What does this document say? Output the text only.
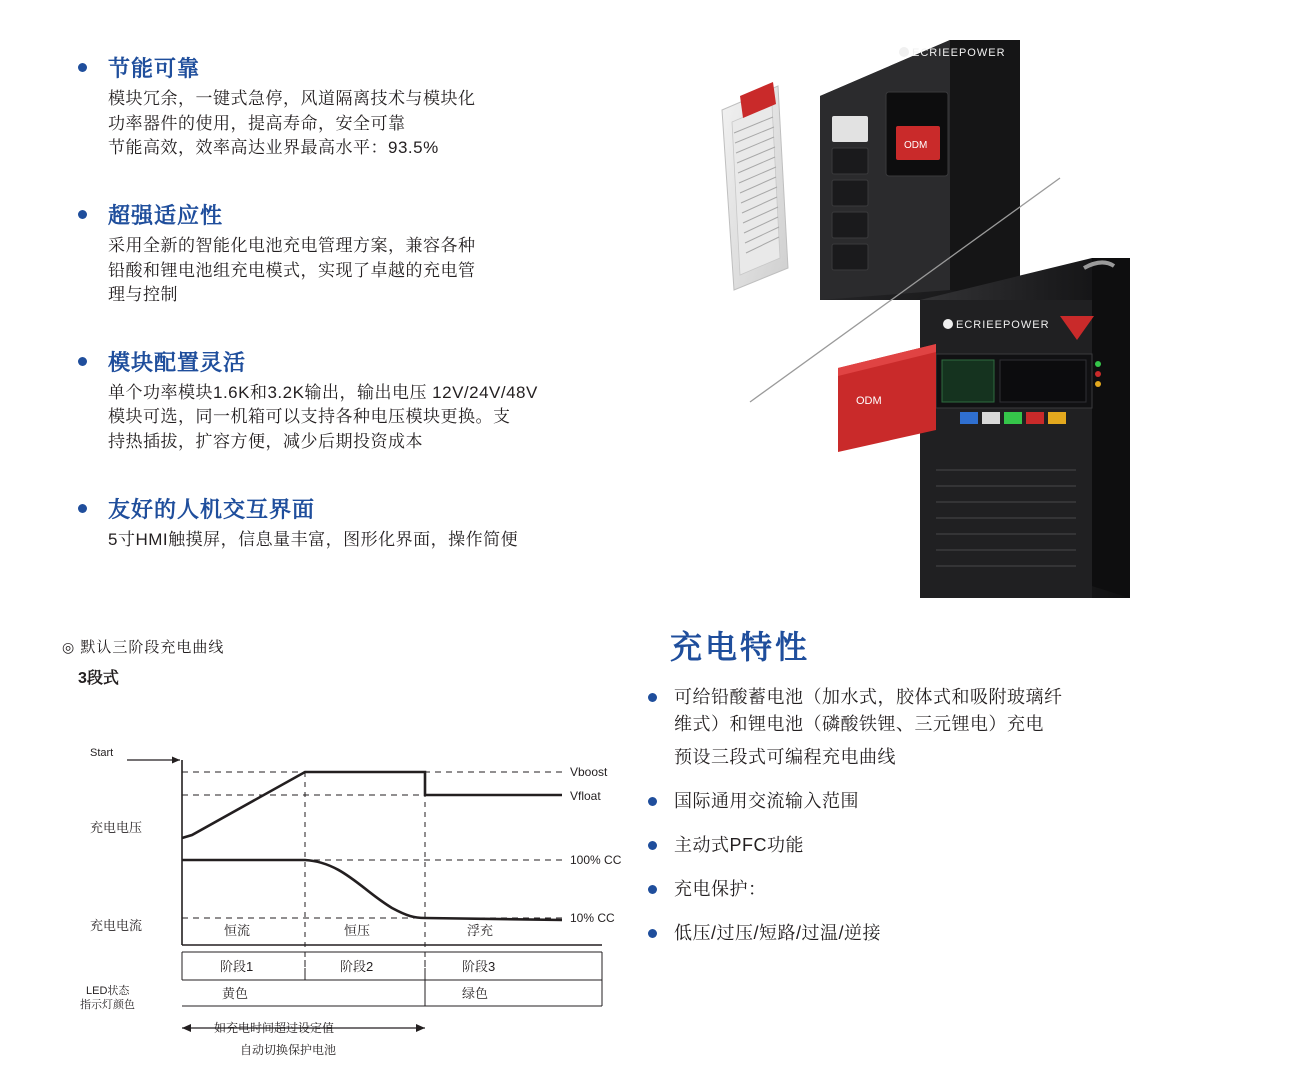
节能可靠

模块冗余，一键式急停，风道隔离技术与模块化

功率器件的使用，提高寿命，安全可靠

节能高效，效率高达业界最高水平：93.5%

超强适应性

采用全新的智能化电池充电管理方案，兼容各种

铅酸和锂电池组充电模式，实现了卓越的充电管

理与控制

模块配置灵活

单个功率模块1.6K和3.2K输出，输出电压 12V/24V/48V

模块可选，同一机箱可以支持各种电压模块更换。支

持热插拔，扩容方便，减少后期投资成本

友好的人机交互界面

5寸HMI触摸屏，信息量丰富，图形化界面，操作简便

◎ 默认三阶段充电曲线
3段式
Start
Vboost
Vfloat
100% CC
10% CC
充电电压
充电电流	恒流	恒压	浮充
阶段1	阶段2	阶段3
LED状态
指示灯颜色
黄色	绿色
如充电时间超过设定值
自动切换保护电池
ODM
ECRIEEPOWER
ECRIEEPOWER
ODM
充电特性
可给铅酸蓄电池（加水式，胶体式和吸附玻璃纤
维式）和锂电池（磷酸铁锂、三元锂电）充电
预设三段式可编程充电曲线
国际通用交流输入范围
主动式PFC功能
充电保护：
低压/过压/短路/过温/逆接
